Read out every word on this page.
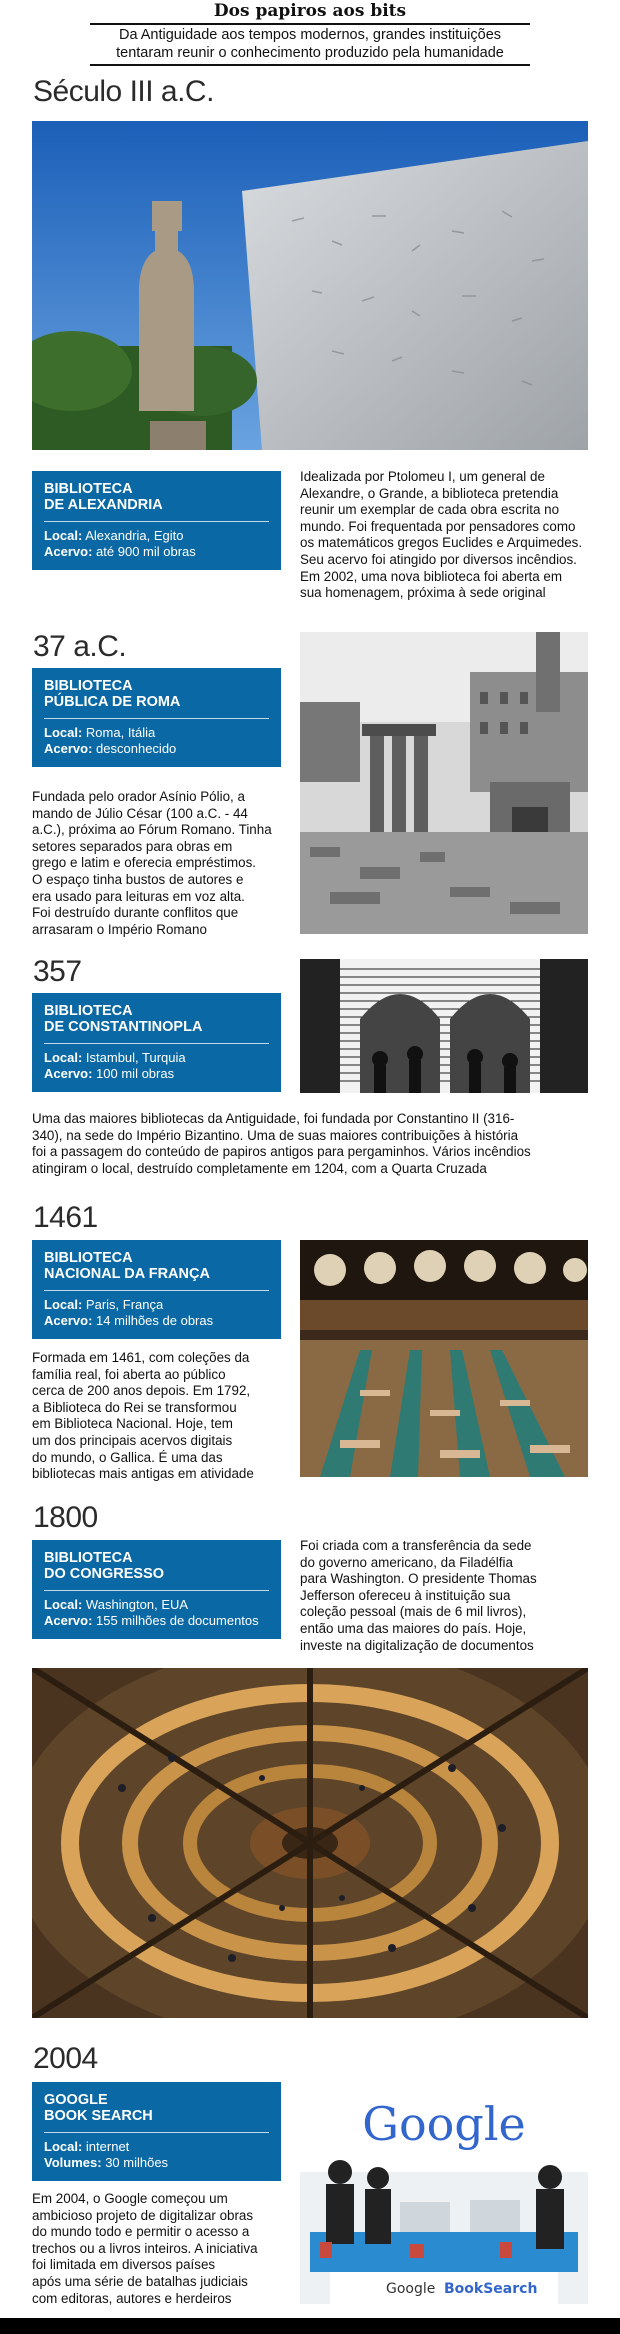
Dos papiros aos bits
Da Antiguidade aos tempos modernos, grandes instituições
tentaram reunir o conhecimento produzido pela humanidade
Século III a.C.
BIBLIOTECA
DE ALEXANDRIA
Local: Alexandria, Egito
Acervo: até 900 mil obras
Idealizada por Ptolomeu I, um general de
Alexandre, o Grande, a biblioteca pretendia
reunir um exemplar de cada obra escrita no
mundo. Foi frequentada por pensadores como
os matemáticos gregos Euclides e Arquimedes.
Seu acervo foi atingido por diversos incêndios.
Em 2002, uma nova biblioteca foi aberta em
sua homenagem, próxima à sede original
37 a.C.
BIBLIOTECA
PÚBLICA DE ROMA
Local: Roma, Itália
Acervo: desconhecido
Fundada pelo orador Asínio Pólio, a
mando de Júlio César (100 a.C. - 44
a.C.), próxima ao Fórum Romano. Tinha
setores separados para obras em
grego e latim e oferecia empréstimos.
O espaço tinha bustos de autores e
era usado para leituras em voz alta.
Foi destruído durante conflitos que
arrasaram o Império Romano
357
BIBLIOTECA
DE CONSTANTINOPLA
Local: Istambul, Turquia
Acervo: 100 mil obras
Uma das maiores bibliotecas da Antiguidade, foi fundada por Constantino II (316-
340), na sede do Império Bizantino. Uma de suas maiores contribuições à história
foi a passagem do conteúdo de papiros antigos para pergaminhos. Vários incêndios
atingiram o local, destruído completamente em 1204, com a Quarta Cruzada
1461
BIBLIOTECA
NACIONAL DA FRANÇA
Local: Paris, França
Acervo: 14 milhões de obras
Formada em 1461, com coleções da
família real, foi aberta ao público
cerca de 200 anos depois. Em 1792,
a Biblioteca do Rei se transformou
em Biblioteca Nacional. Hoje, tem
um dos principais acervos digitais
do mundo, o Gallica. É uma das
bibliotecas mais antigas em atividade
1800
BIBLIOTECA
DO CONGRESSO
Local: Washington, EUA
Acervo: 155 milhões de documentos
Foi criada com a transferência da sede
do governo americano, da Filadélfia
para Washington. O presidente Thomas
Jefferson ofereceu à instituição sua
coleção pessoal (mais de 6 mil livros),
então uma das maiores do país. Hoje,
investe na digitalização de documentos
2004
GOOGLE
BOOK SEARCH
Local: internet
Volumes: 30 milhões
Em 2004, o Google começou um
ambicioso projeto de digitalizar obras
do mundo todo e permitir o acesso a
trechos ou a livros inteiros. A iniciativa
foi limitada em diversos países
após uma série de batalhas judiciais
com editoras, autores e herdeiros
Google
Google BookSearch
